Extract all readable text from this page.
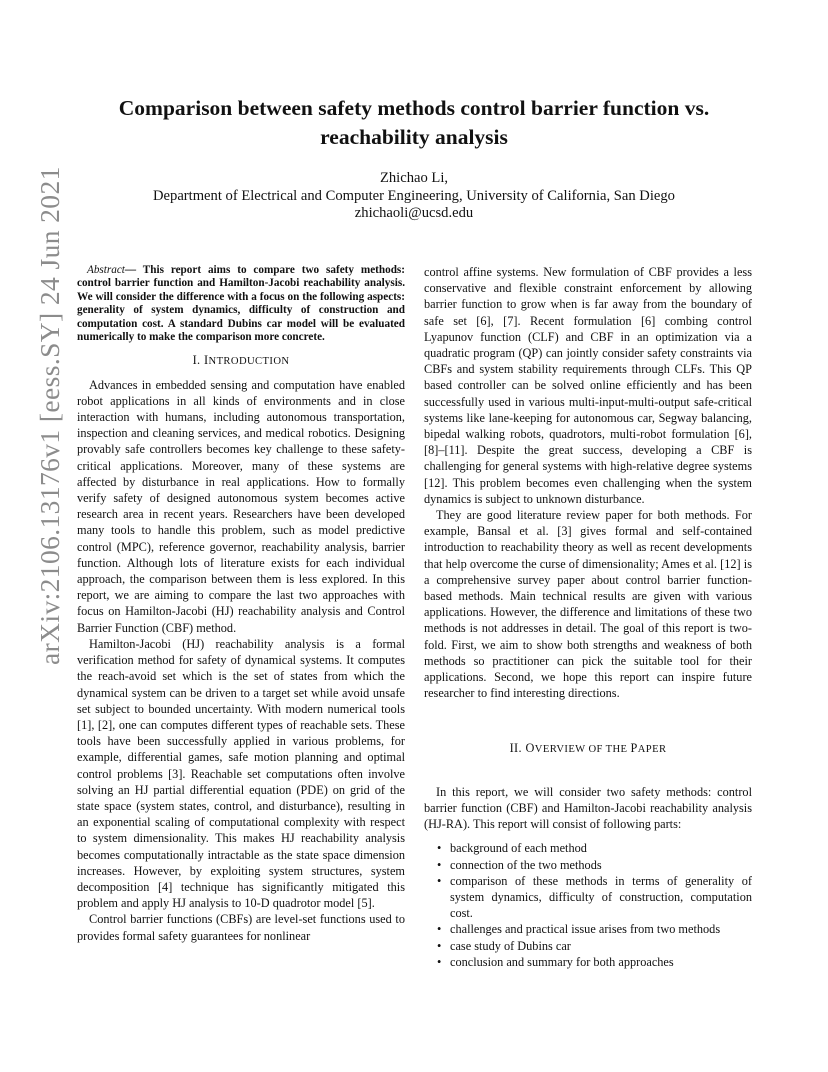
Comparison between safety methods control barrier function vs. reachability analysis
Zhichao Li,
Department of Electrical and Computer Engineering, University of California, San Diego
zhichaoli@ucsd.edu
arXiv:2106.13176v1 [eess.SY] 24 Jun 2021	Abstract— This report aims to compare two safety methods: control barrier function and Hamilton-Jacobi reachability analysis. We will consider the difference with a focus on the following aspects: generality of system dynamics, difficulty of construction and computation cost. A standard Dubins car model will be evaluated numerically to make the comparison more concrete.

I. INTRODUCTION

Advances in embedded sensing and computation have enabled robot applications in all kinds of environments and in close interaction with humans, including autonomous transportation, inspection and cleaning services, and medical robotics. Designing provably safe controllers becomes key challenge to these safety-critical applications. Moreover, many of these systems are affected by disturbance in real applications. How to formally verify safety of designed autonomous system becomes active research area in recent years. Researchers have been developed many tools to handle this problem, such as model predictive control (MPC), reference governor, reachability analysis, barrier function. Although lots of literature exists for each individual approach, the comparison between them is less explored. In this report, we are aiming to compare the last two approaches with focus on Hamilton-Jacobi (HJ) reachability analysis and Control Barrier Function (CBF) method.

Hamilton-Jacobi (HJ) reachability analysis is a formal verification method for safety of dynamical systems. It computes the reach-avoid set which is the set of states from which the dynamical system can be driven to a target set while avoid unsafe set subject to bounded uncertainty. With modern numerical tools [1], [2], one can computes different types of reachable sets. These tools have been successfully applied in various problems, for example, differential games, safe motion planning and optimal control problems [3]. Reachable set computations often involve solving an HJ partial differential equation (PDE) on grid of the state space (system states, control, and disturbance), resulting in an exponential scaling of computational complexity with respect to system dimensionality. This makes HJ reachability analysis becomes computationally intractable as the state space dimension increases. However, by exploiting system structures, system decomposition [4] technique has significantly mitigated this problem and apply HJ analysis to 10-D quadrotor model [5].

Control barrier functions (CBFs) are level-set functions used to provides formal safety guarantees for nonlinear

control affine systems. New formulation of CBF provides a less conservative and flexible constraint enforcement by allowing barrier function to grow when is far away from the boundary of safe set [6], [7]. Recent formulation [6] combing control Lyapunov function (CLF) and CBF in an optimization via a quadratic program (QP) can jointly consider safety constraints via CBFs and system stability requirements through CLFs. This QP based controller can be solved online efficiently and has been successfully used in various multi-input-multi-output safe-critical systems like lane-keeping for autonomous car, Segway balancing, bipedal walking robots, quadrotors, multi-robot formulation [6], [8]–[11]. Despite the great success, developing a CBF is challenging for general systems with high-relative degree systems [12]. This problem becomes even challenging when the system dynamics is subject to unknown disturbance.

They are good literature review paper for both methods. For example, Bansal et al. [3] gives formal and self-contained introduction to reachability theory as well as recent developments that help overcome the curse of dimensionality; Ames et al. [12] is a comprehensive survey paper about control barrier function-based methods. Main technical results are given with various applications. However, the difference and limitations of these two methods is not addresses in detail. The goal of this report is two-fold. First, we aim to show both strengths and weakness of both methods so practitioner can pick the suitable tool for their applications. Second, we hope this report can inspire future researcher to find interesting directions.

II. OVERVIEW OF THE PAPER

In this report, we will consider two safety methods: control barrier function (CBF) and Hamilton-Jacobi reachability analysis (HJ-RA). This report will consist of following parts:

• background of each method
• connection of the two methods
• comparison of these methods in terms of generality of system dynamics, difficulty of construction, computation cost.
• challenges and practical issue arises from two methods
• case study of Dubins car
• conclusion and summary for both approaches
